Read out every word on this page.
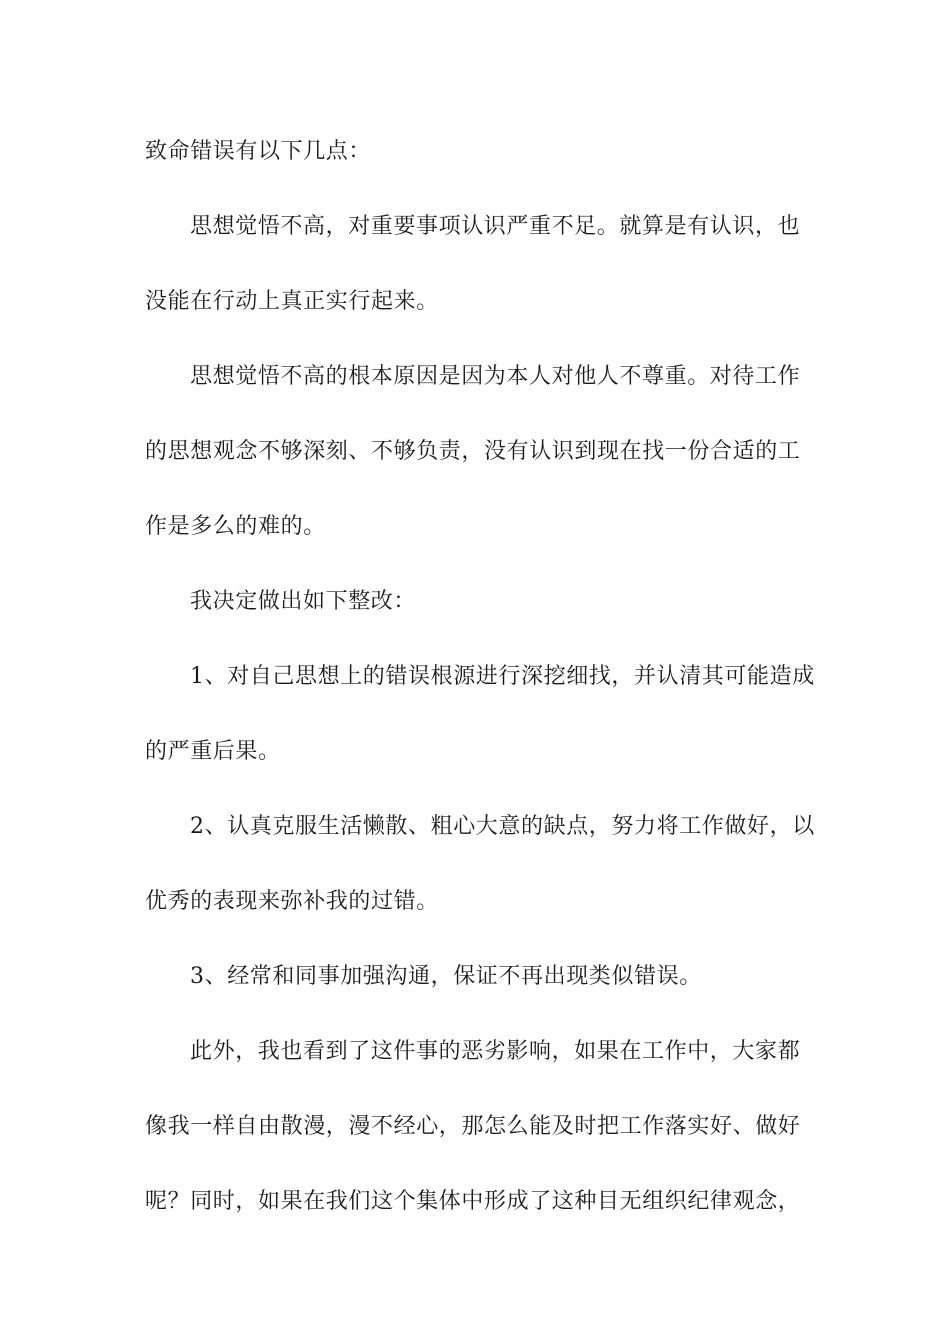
致命错误有以下几点：
思想觉悟不高，对重要事项认识严重不足。就算是有认识，也
没能在行动上真正实行起来。
思想觉悟不高的根本原因是因为本人对他人不尊重。对待工作
的思想观念不够深刻、不够负责，没有认识到现在找一份合适的工
作是多么的难的。
我决定做出如下整改：
1、对自己思想上的错误根源进行深挖细找，并认清其可能造成
的严重后果。
2、认真克服生活懒散、粗心大意的缺点，努力将工作做好，以
优秀的表现来弥补我的过错。
3、经常和同事加强沟通，保证不再出现类似错误。
此外，我也看到了这件事的恶劣影响，如果在工作中，大家都
像我一样自由散漫，漫不经心，那怎么能及时把工作落实好、做好
呢？同时，如果在我们这个集体中形成了这种目无组织纪律观念，
